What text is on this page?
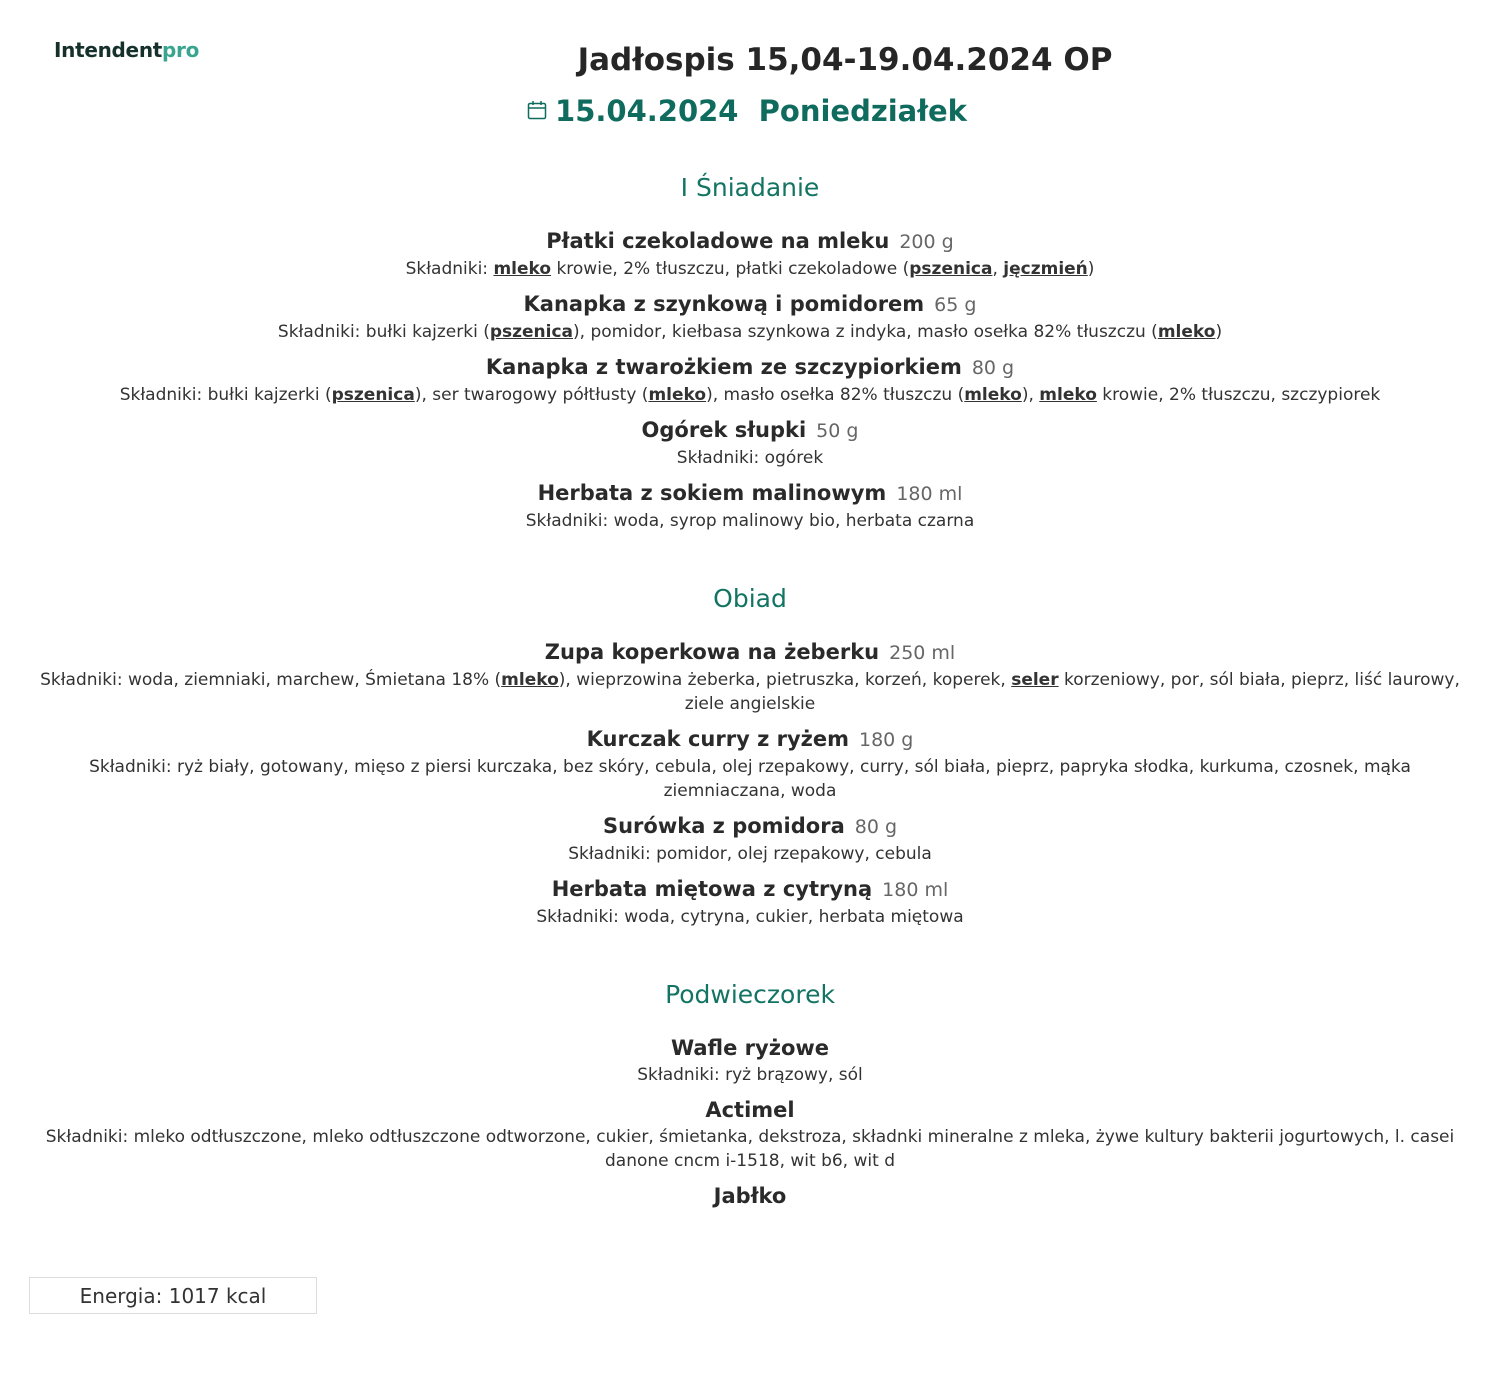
Intendentpro	Jadłospis 15,04-19.04.2024 OP
15.04.2024  Poniedziałek
I Śniadanie
Płatki czekoladowe na mleku 200 g
Składniki: mleko krowie, 2% tłuszczu, płatki czekoladowe (pszenica, jęczmień)
Kanapka z szynkową i pomidorem 65 g
Składniki: bułki kajzerki (pszenica), pomidor, kiełbasa szynkowa z indyka, masło osełka 82% tłuszczu (mleko)
Kanapka z twarożkiem ze szczypiorkiem 80 g
Składniki: bułki kajzerki (pszenica), ser twarogowy półtłusty (mleko), masło osełka 82% tłuszczu (mleko), mleko krowie, 2% tłuszczu, szczypiorek
Ogórek słupki 50 g
Składniki: ogórek
Herbata z sokiem malinowym 180 ml
Składniki: woda, syrop malinowy bio, herbata czarna
Obiad
Zupa koperkowa na żeberku 250 ml
Składniki: woda, ziemniaki, marchew, Śmietana 18% (mleko), wieprzowina żeberka, pietruszka, korzeń, koperek, seler korzeniowy, por, sól biała, pieprz, liść laurowy, ziele angielskie
Kurczak curry z ryżem 180 g
Składniki: ryż biały, gotowany, mięso z piersi kurczaka, bez skóry, cebula, olej rzepakowy, curry, sól biała, pieprz, papryka słodka, kurkuma, czosnek, mąka ziemniaczana, woda
Surówka z pomidora 80 g
Składniki: pomidor, olej rzepakowy, cebula
Herbata miętowa z cytryną 180 ml
Składniki: woda, cytryna, cukier, herbata miętowa
Podwieczorek
Wafle ryżowe
Składniki: ryż brązowy, sól
Actimel
Składniki: mleko odtłuszczone, mleko odtłuszczone odtworzone, cukier, śmietanka, dekstroza, składnki mineralne z mleka, żywe kultury bakterii jogurtowych, l. casei danone cncm i-1518, wit b6, wit d
Jabłko
Energia: 1017 kcal
